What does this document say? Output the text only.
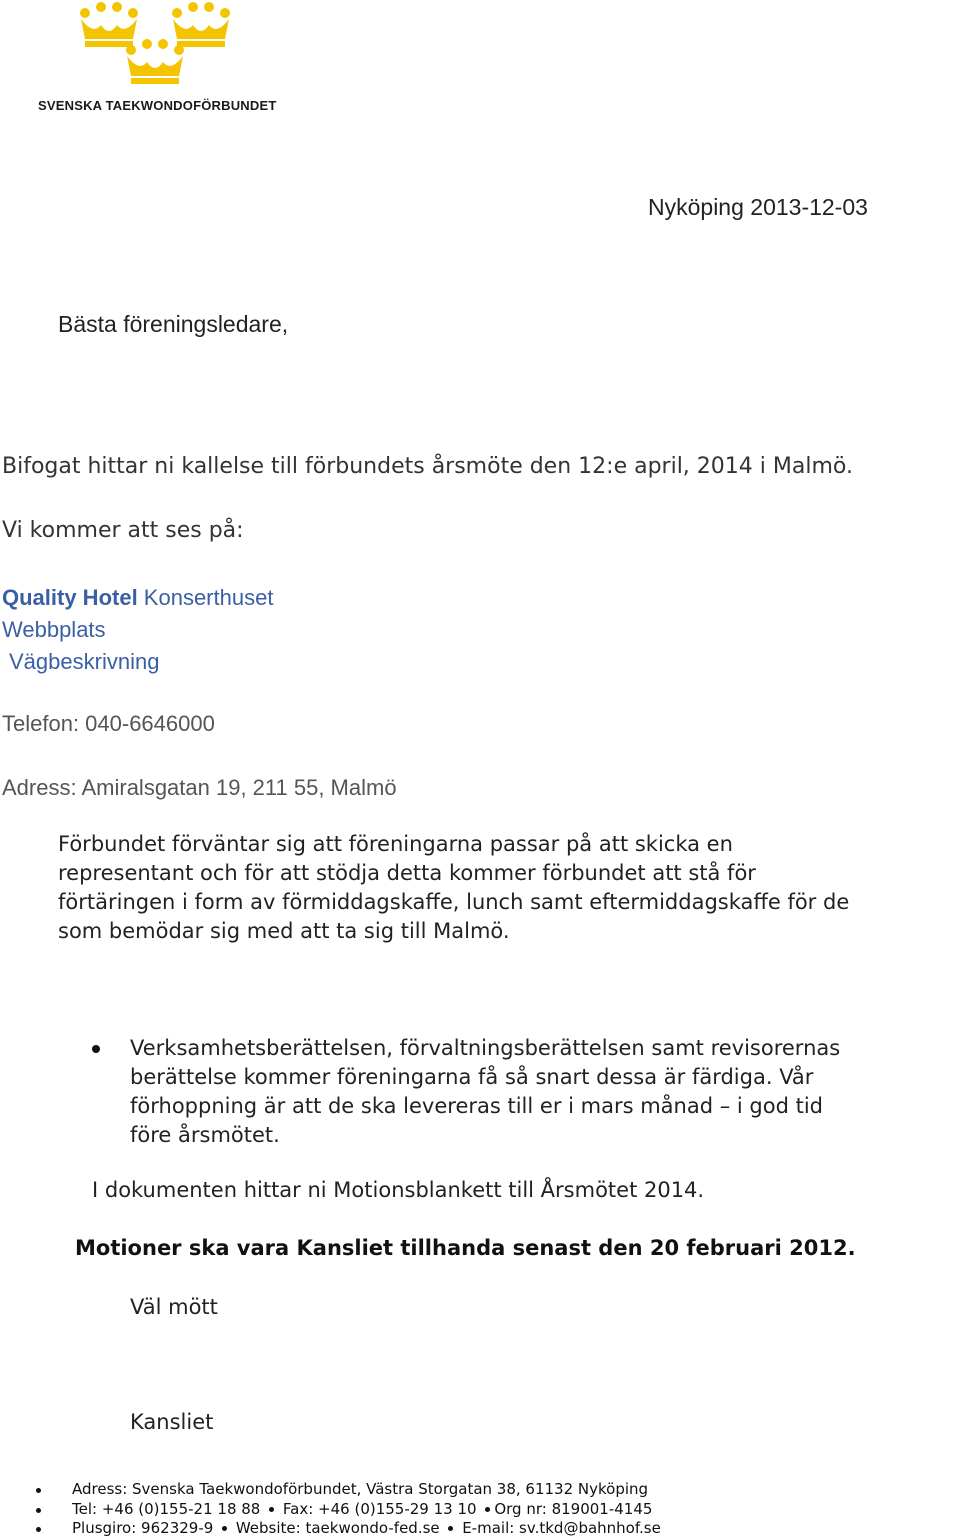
SVENSKA TAEKWONDOFÖRBUNDET
Nyköping 2013-12-03
Bästa föreningsledare,
Bifogat hittar ni kallelse till förbundets årsmöte den 12:e april, 2014 i Malmö.
Vi kommer att ses på:
Quality Hotel Konserthuset
Webbplats
Vägbeskrivning
Telefon: 040-6646000
Adress: Amiralsgatan 19, 211 55, Malmö
Förbundet förväntar sig att föreningarna passar på att skicka en
representant och för att stödja detta kommer förbundet att stå för
förtäringen i form av förmiddagskaffe, lunch samt eftermiddagskaffe för de
som bemödar sig med att ta sig till Malmö.
Verksamhetsberättelsen, förvaltningsberättelsen samt revisorernas
berättelse kommer föreningarna få så snart dessa är färdiga. Vår
förhoppning är att de ska levereras till er i mars månad – i god tid
före årsmötet.
I dokumenten hittar ni Motionsblankett till Årsmötet 2014.
Motioner ska vara Kansliet tillhanda senast den 20 februari 2012.
Väl mött
Kansliet
Adress: Svenska Taekwondoförbundet, Västra Storgatan 38, 61132 Nyköping
Tel: +46 (0)155-21 18 88 Fax: +46 (0)155-29 13 10 Org nr: 819001-4145
Plusgiro: 962329-9 Website: taekwondo-fed.se E-mail: sv.tkd@bahnhof.se
